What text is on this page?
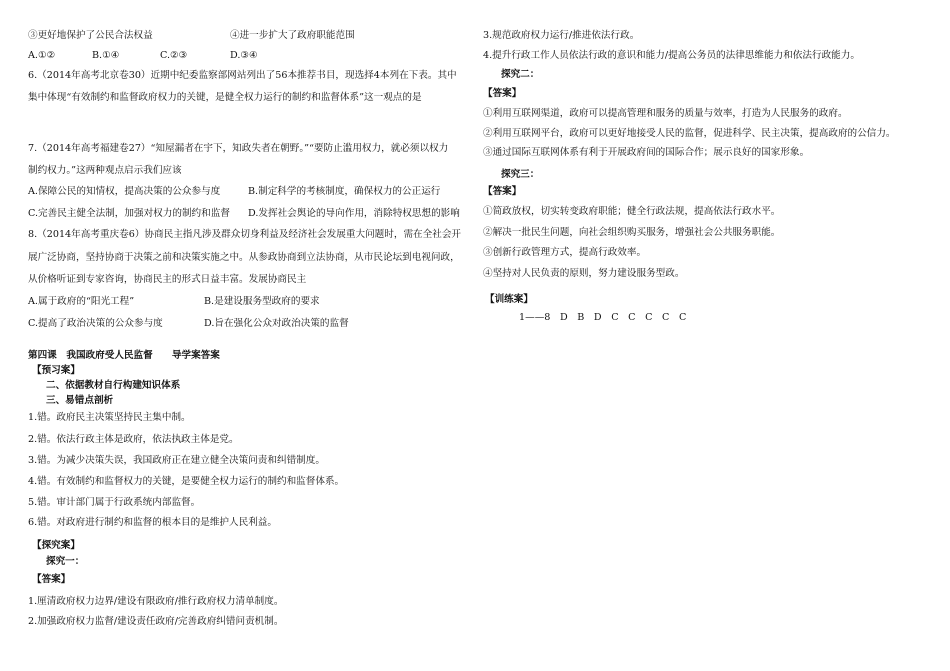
③更好地保护了公民合法权益	④进一步扩大了政府职能范围
A.①②	B.①④	C.②③	D.③④
6.（2014年高考北京卷30）近期中纪委监察部网站列出了56本推荐书目，现选择4本列在下表。其中
集中体现“有效制约和监督政府权力的关键，是健全权力运行的制约和监督体系”这一观点的是
7.（2014年高考福建卷27）“知屋漏者在宇下，知政失者在朝野。”“要防止滥用权力，就必须以权力
制约权力。”这两种观点启示我们应该
A.保障公民的知情权，提高决策的公众参与度	B.制定科学的考核制度，确保权力的公正运行
C.完善民主健全法制，加强对权力的制约和监督 D.发挥社会舆论的导向作用，消除特权思想的影响
8.（2014年高考重庆卷6）协商民主指凡涉及群众切身利益及经济社会发展重大问题时，需在全社会开
展广泛协商，坚持协商于决策之前和决策实施之中。从参政协商到立法协商，从市民论坛到电视问政，
从价格听证到专家咨询，协商民主的形式日益丰富。发展协商民主
A.属于政府的“阳光工程”	B.是建设服务型政府的要求
C.提高了政治决策的公众参与度	D.旨在强化公众对政治决策的监督
第四课　我国政府受人民监督　　导学案答案
【预习案】
二、依据教材自行构建知识体系
三、易错点剖析
1.错。政府民主决策坚持民主集中制。
2.错。依法行政主体是政府，依法执政主体是党。
3.错。为减少决策失误，我国政府正在建立健全决策问责和纠错制度。
4.错。有效制约和监督权力的关键，是要健全权力运行的制约和监督体系。
5.错。审计部门属于行政系统内部监督。
6.错。对政府进行制约和监督的根本目的是维护人民利益。
【探究案】
探究一：
【答案】
1.厘清政府权力边界/建设有限政府/推行政府权力清单制度。
2.加强政府权力监督/建设责任政府/完善政府纠错问责机制。
3.规范政府权力运行/推进依法行政。
4.提升行政工作人员依法行政的意识和能力/提高公务员的法律思维能力和依法行政能力。
探究二：
【答案】
①利用互联网渠道，政府可以提高管理和服务的质量与效率，打造为人民服务的政府。
②利用互联网平台，政府可以更好地接受人民的监督，促进科学、民主决策，提高政府的公信力。
③通过国际互联网体系有利于开展政府间的国际合作；展示良好的国家形象。
探究三：
【答案】
①简政放权，切实转变政府职能；健全行政法规，提高依法行政水平。
②解决一批民生问题，向社会组织购买服务，增强社会公共服务职能。
③创新行政管理方式，提高行政效率。
④坚持对人民负责的原则，努力建设服务型政。
【训练案】
1——8　D　B　D　C　C　C　C　C
